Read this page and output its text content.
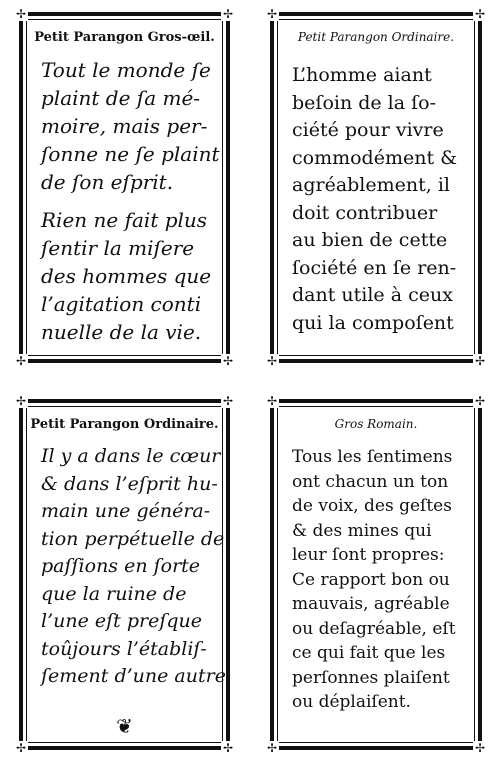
✢	✢
✢	✢
Petit Parangon Gros-œil.

Tout le monde ſe
plaint de ſa mé-
moire, mais per-
ſonne ne ſe plaint
de ſon eſprit.

Rien ne fait plus
ſentir la miſere
des hommes que
l’agitation conti
nuelle de la vie.

✢	✢
✢	✢
Petit Parangon Ordinaire.

L’homme aiant
beſoin de la ſo-
ciété pour vivre
commodément &
agréablement, il
doit contribuer
au bien de cette
ſociété en ſe ren-
dant utile à ceux
qui la compoſent

✢	✢
✢	✢
Petit Parangon Ordinaire.

Il y a dans le cœur
& dans l’eſprit hu-
main une généra-
tion perpétuelle de
paſſions en ſorte
que la ruine de
l’une eſt preſque
toûjours l’établiſ-
ſement d’une autre

❦
✢	✢
✢	✢
Gros Romain.

Tous les ſentimens
ont chacun un ton
de voix, des geſtes
& des mines qui
leur ſont propres:
Ce rapport bon ou
mauvais, agréable
ou deſagréable, eſt
ce qui fait que les
perſonnes plaiſent
ou déplaiſent.
